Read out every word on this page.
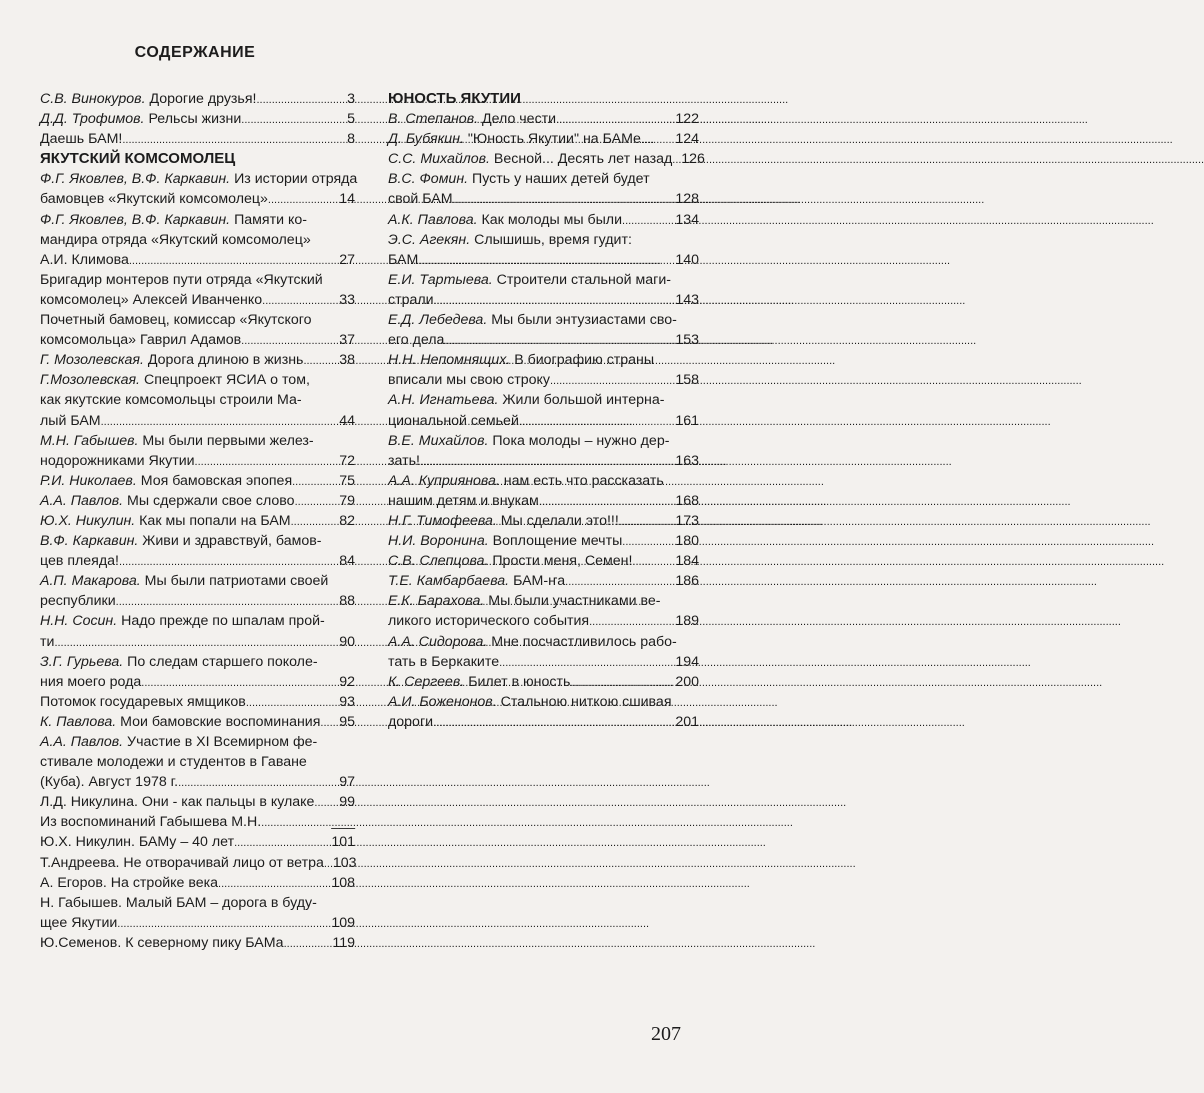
СОДЕРЖАНИЕ
С.В. Винокуров. Дорогие друзья! .....	3
Д.Д. Трофимов. Рельсы жизни .....	5
Даешь БАМ! .....	8
ЯКУТСКИЙ КОМСОМОЛЕЦ
Ф.Г. Яковлев, В.Ф. Каркавин. Из истории отряда
бамовцев «Якутский комсомолец» .....	14
Ф.Г. Яковлев, В.Ф. Каркавин. Памяти ко-
мандира отряда «Якутский комсомолец»
А.И. Климова .....	27
Бригадир монтеров пути отряда «Якутский
комсомолец» Алексей Иванченко .....	33
Почетный бамовец, комиссар «Якутского
комсомольца» Гаврил Адамов .....	37
Г. Мозолевская. Дорога длиною в жизнь .....	38
Г.Мозолевская. Спецпроект ЯСИА о том,
как якутские комсомольцы строили Ма-
лый БАМ .....	44
М.Н. Габышев. Мы были первыми желез-
нодорожниками Якутии .....	72
Р.И. Николаев. Моя бамовская эпопея .....	75
А.А. Павлов. Мы сдержали свое слово .....	79
Ю.Х. Никулин. Как мы попали на БАМ .....	82
В.Ф. Каркавин. Живи и здравствуй, бамов-
цев плеяда! .....	84
А.П. Макарова. Мы были патриотами своей
республики .....	88
Н.Н. Сосин. Надо прежде по шпалам прой-
ти .....	90
З.Г. Гурьева. По следам старшего поколе-
ния моего рода .....	92
Потомок государевых ямщиков .....	93
К. Павлова. Мои бамовские воспоминания ..... 95
А.А. Павлов. Участие в XI Всемирном фе-
стивале молодежи и студентов в Гаване
(Куба). Август 1978 г. .....	97
Л.Д. Никулина. Они - как пальцы в кулаке ..... 99
Из воспоминаний Габышева М.Н. .....	___
Ю.Х. Никулин. БАМу – 40 лет .....	101
Т.Андреева. Не отворачивай лицо от ветра ..... 103
А. Егоров. На стройке века .....	108
Н. Габышев. Малый БАМ – дорога в буду-
щее Якутии .....	109
Ю.Семенов. К северному пику БАМа .....	119
ЮНОСТЬ ЯКУТИИ
В. Степанов. Дело чести .....	122
Д. Бубякин. "Юность Якутии" на БАМе ..... 124
С.С. Михайлов. Весной... Десять лет назад ..... 126
В.С. Фомин. Пусть у наших детей будет
свой БАМ .....	128
А.К. Павлова. Как молоды мы были .....	134
Э.С. Агекян. Слышишь, время гудит:
БАМ .....	140
Е.И. Тартыева. Строители стальной маги-
страли .....	143
Е.Д. Лебедева. Мы были энтузиастами сво-
его дела .....	153
Н.Н. Непомнящих. В биографию страны
вписали мы свою строку .....	158
А.Н. Игнатьева. Жили большой интерна-
циональной семьей .....	161
В.Е. Михайлов. Пока молоды – нужно дер-
зать! .....	163
А.А. Куприянова. нам есть что рассказать
нашим детям и внукам .....	168
Н.Г. Тимофеева. Мы сделали это!!! .....	173
Н.И. Воронина. Воплощение мечты .....	180
С.В. Слепцова. Прости меня, Семен! .....	184
Т.Е. Камбарбаева. БАМ-ҥа .....	186
Е.К. Барахова. Мы были участниками ве-
ликого исторического события .....	189
А.А. Сидорова. Мне посчастливилось рабо-
тать в Беркаките .....	194
К. Сергеев. Билет в юность .....	200
А.И. Боженонов. Стальною ниткою сшивая
дороги .....	201
207
